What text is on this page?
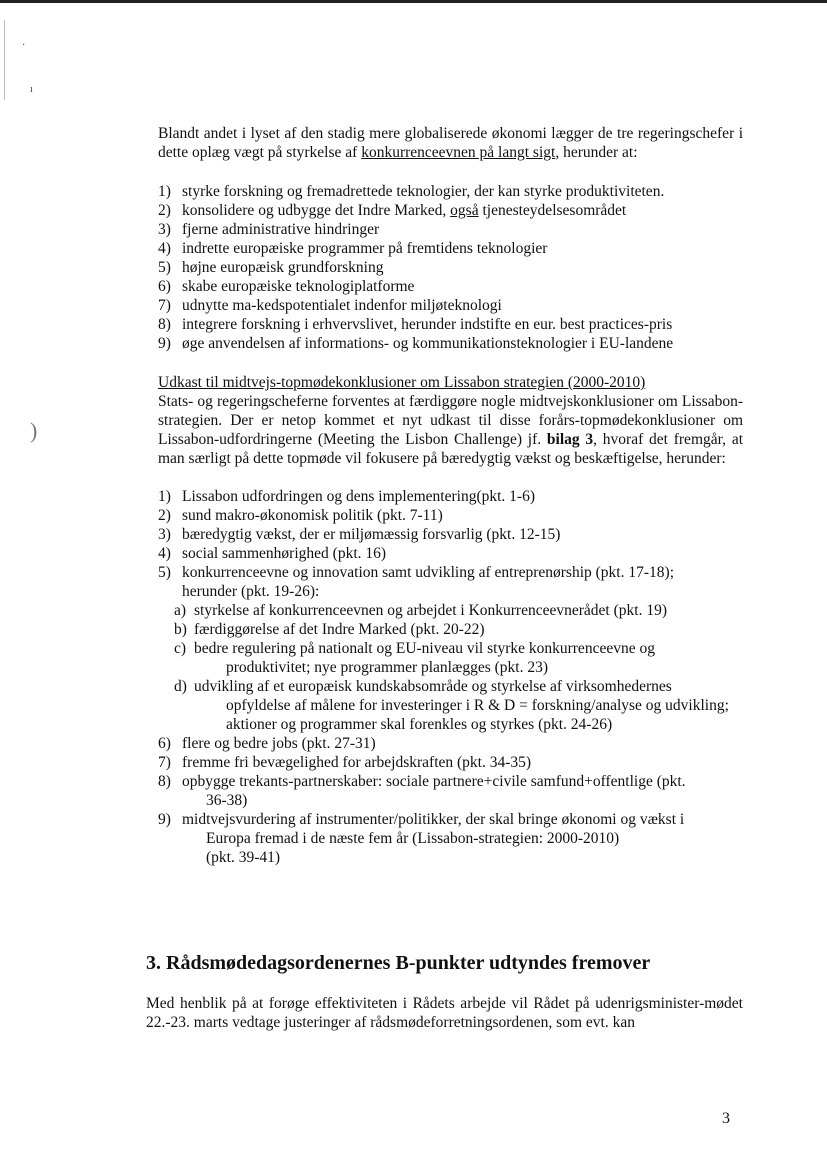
·
ı
)

Blandt andet i lyset af den stadig mere globaliserede økonomi lægger de tre regeringschefer i dette oplæg vægt på styrkelse af konkurrenceevnen på langt sigt, herunder at:

1) styrke forskning og fremadrettede teknologier, der kan styrke produktiviteten.
2) konsolidere og udbygge det Indre Marked, også tjenesteydelsesområdet
3) fjerne administrative hindringer
4) indrette europæiske programmer på fremtidens teknologier
5) højne europæisk grundforskning
6) skabe europæiske teknologiplatforme
7) udnytte ma-kedspotentialet indenfor miljøteknologi
8) integrere forskning i erhvervslivet, herunder indstifte en eur. best practices-pris
9) øge anvendelsen af informations- og kommunikationsteknologier i EU-landene

Udkast til midtvejs-topmødekonklusioner om Lissabon strategien (2000-2010)

Stats- og regeringscheferne forventes at færdiggøre nogle midtvejskonklusioner om Lissabon-strategien. Der er netop kommet et nyt udkast til disse forårs-topmødekonklusioner om Lissabon-udfordringerne (Meeting the Lisbon Challenge) jf. bilag 3, hvoraf det fremgår, at man særligt på dette topmøde vil fokusere på bæredygtig vækst og beskæftigelse, herunder:

1) Lissabon udfordringen og dens implementering(pkt. 1-6)
2) sund makro-økonomisk politik (pkt. 7-11)
3) bæredygtig vækst, der er miljømæssig forsvarlig (pkt. 12-15)
4) social sammenhørighed (pkt. 16)
5) konkurrenceevne og innovation samt udvikling af entreprenørship (pkt. 17-18);
herunder (pkt. 19-26):
a) styrkelse af konkurrenceevnen og arbejdet i Konkurrenceevnerådet (pkt. 19)
b) færdiggørelse af det Indre Marked (pkt. 20-22)
c) bedre regulering på nationalt og EU-niveau vil styrke konkurrenceevne og
produktivitet; nye programmer planlægges (pkt. 23)
d) udvikling af et europæisk kundskabsområde og styrkelse af virksomhedernes
opfyldelse af målene for investeringer i R & D = forskning/analyse og udvikling; aktioner og programmer skal forenkles og styrkes (pkt. 24-26)
6) flere og bedre jobs (pkt. 27-31)
7) fremme fri bevægelighed for arbejdskraften (pkt. 34-35)
8) opbygge trekants-partnerskaber: sociale partnere+civile samfund+offentlige (pkt.
36-38)
9) midtvejsvurdering af instrumenter/politikker, der skal bringe økonomi og vækst i
Europa fremad i de næste fem år (Lissabon-strategien: 2000-2010)
(pkt. 39-41)
3. Rådsmødedagsordenernes B-punkter udtyndes fremover

Med henblik på at forøge effektiviteten i Rådets arbejde vil Rådet på udenrigsminister-mødet 22.-23. marts vedtage justeringer af rådsmødeforretningsordenen, som evt. kan

3
